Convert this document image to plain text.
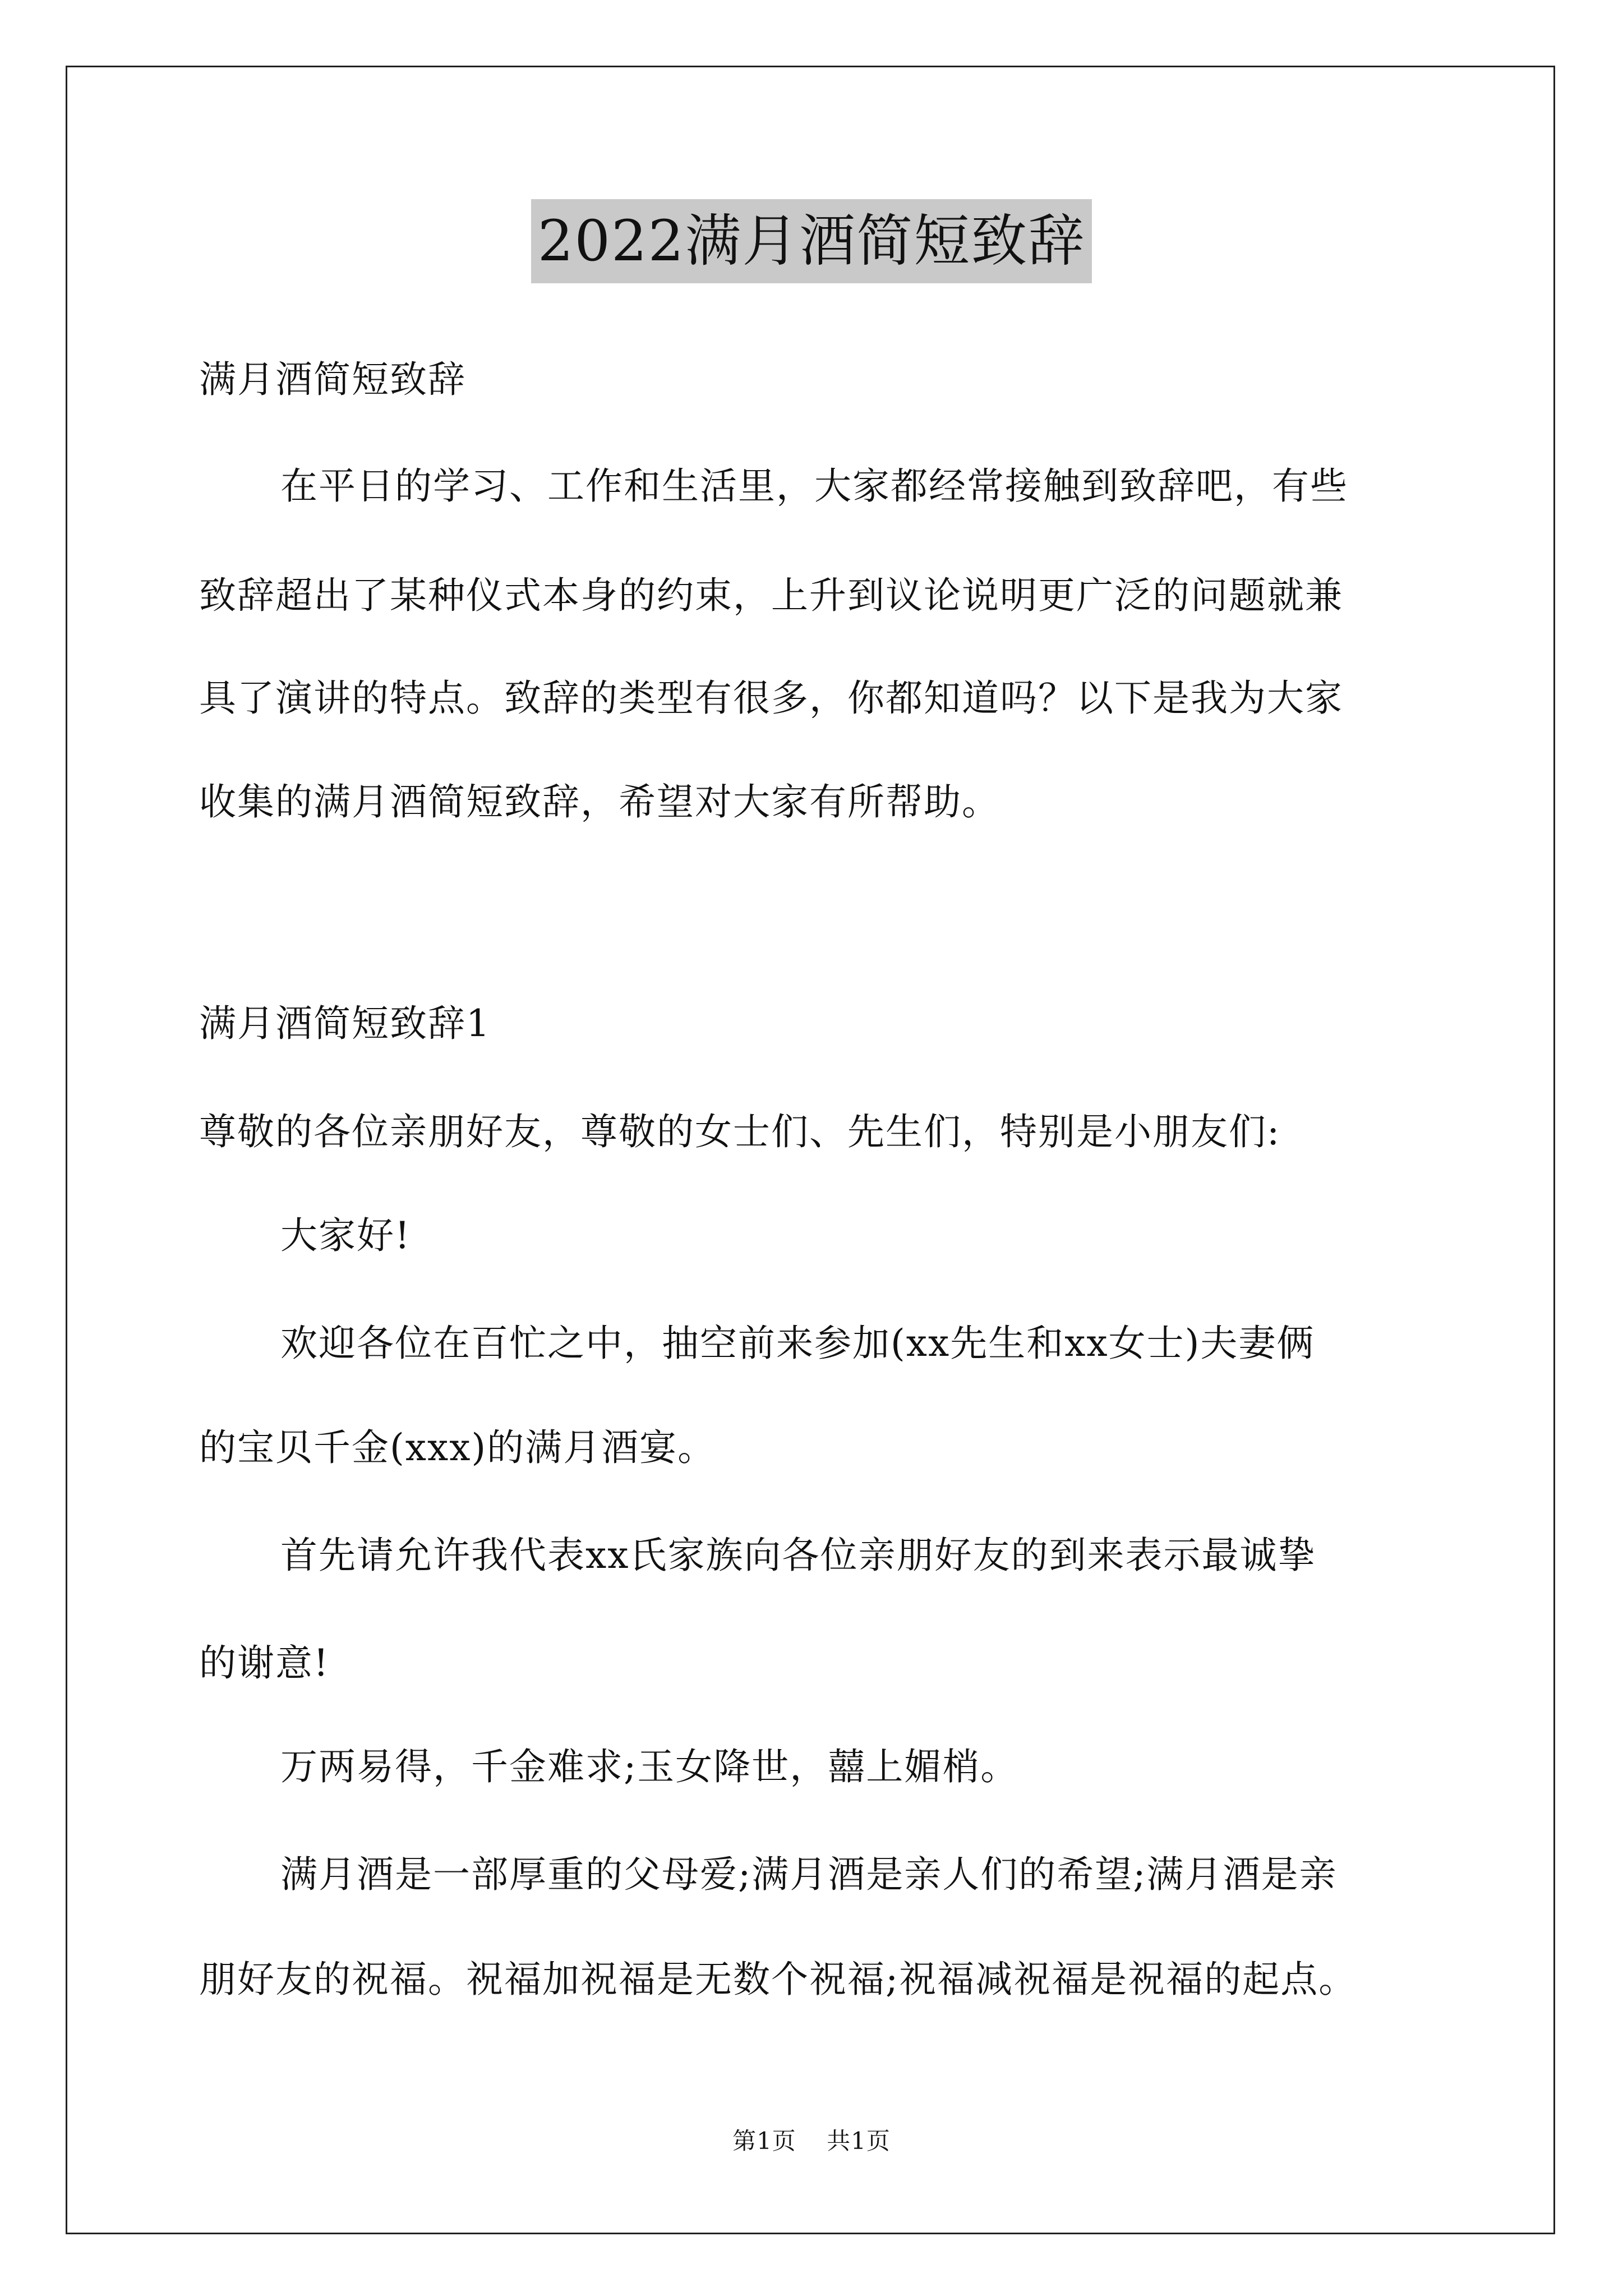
2022满月酒简短致辞
满月酒简短致辞
在平日的学习、工作和生活里，大家都经常接触到致辞吧，有些
致辞超出了某种仪式本身的约束，上升到议论说明更广泛的问题就兼
具了演讲的特点。致辞的类型有很多，你都知道吗？以下是我为大家
收集的满月酒简短致辞，希望对大家有所帮助。
满月酒简短致辞1
尊敬的各位亲朋好友，尊敬的女士们、先生们，特别是小朋友们:
大家好!
欢迎各位在百忙之中，抽空前来参加(xx先生和xx女士)夫妻俩
的宝贝千金(xxx)的满月酒宴。
首先请允许我代表xx氏家族向各位亲朋好友的到来表示最诚挚
的谢意!
万两易得，千金难求;玉女降世，囍上媚梢。
满月酒是一部厚重的父母爱;满月酒是亲人们的希望;满月酒是亲
朋好友的祝福。祝福加祝福是无数个祝福;祝福减祝福是祝福的起点。
第1页 共1页
